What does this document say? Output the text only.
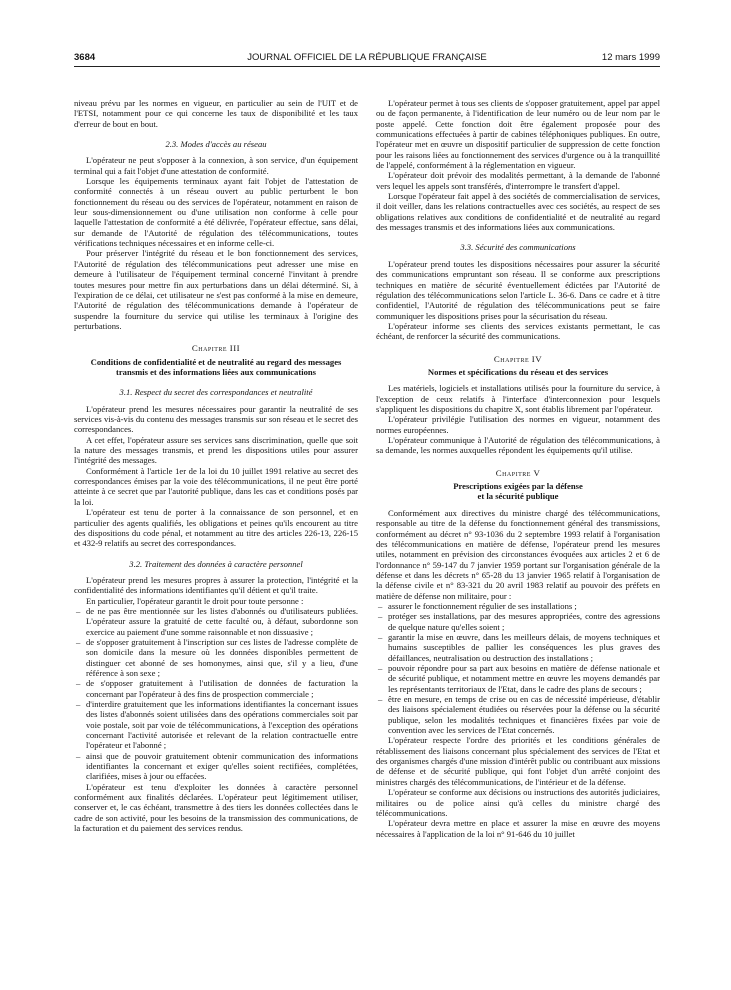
3684	JOURNAL OFFICIEL DE LA RÉPUBLIQUE FRANÇAISE	12 mars 1999

niveau prévu par les normes en vigueur, en particulier au sein de l'UIT et de l'ETSI, notamment pour ce qui concerne les taux de disponibilité et les taux d'erreur de bout en bout.

2.3. Modes d'accès au réseau

L'opérateur ne peut s'opposer à la connexion, à son service, d'un équipement terminal qui a fait l'objet d'une attestation de conformité.

Lorsque les équipements terminaux ayant fait l'objet de l'attestation de conformité connectés à un réseau ouvert au public perturbent le bon fonctionnement du réseau ou des services de l'opérateur, notamment en raison de leur sous-dimensionnement ou d'une utilisation non conforme à celle pour laquelle l'attestation de conformité a été délivrée, l'opérateur effectue, sans délai, sur demande de l'Autorité de régulation des télécommunications, toutes vérifications techniques nécessaires et en informe celle-ci.

Pour préserver l'intégrité du réseau et le bon fonctionnement des services, l'Autorité de régulation des télécommunications peut adresser une mise en demeure à l'utilisateur de l'équipement terminal concerné l'invitant à prendre toutes mesures pour mettre fin aux perturbations dans un délai déterminé. Si, à l'expiration de ce délai, cet utilisateur ne s'est pas conformé à la mise en demeure, l'Autorité de régulation des télécommunications demande à l'opérateur de suspendre la fourniture du service qui utilise les terminaux à l'origine des perturbations.

Chapitre III
Conditions de confidentialité et de neutralité au regard des messages transmis et des informations liées aux communications
3.1. Respect du secret des correspondances et neutralité

L'opérateur prend les mesures nécessaires pour garantir la neutralité de ses services vis-à-vis du contenu des messages transmis sur son réseau et le secret des correspondances.

A cet effet, l'opérateur assure ses services sans discrimination, quelle que soit la nature des messages transmis, et prend les dispositions utiles pour assurer l'intégrité des messages.

Conformément à l'article 1er de la loi du 10 juillet 1991 relative au secret des correspondances émises par la voie des télécommunications, il ne peut être porté atteinte à ce secret que par l'autorité publique, dans les cas et conditions posés par la loi.

L'opérateur est tenu de porter à la connaissance de son personnel, et en particulier des agents qualifiés, les obligations et peines qu'ils encourent au titre des dispositions du code pénal, et notamment au titre des articles 226-13, 226-15 et 432-9 relatifs au secret des correspondances.

3.2. Traitement des données à caractère personnel

L'opérateur prend les mesures propres à assurer la protection, l'intégrité et la confidentialité des informations identifiantes qu'il détient et qu'il traite.

En particulier, l'opérateur garantit le droit pour toute personne :

– de ne pas être mentionnée sur les listes d'abonnés ou d'utilisateurs publiées. L'opérateur assure la gratuité de cette faculté ou, à défaut, subordonne son exercice au paiement d'une somme raisonnable et non dissuasive ;
– de s'opposer gratuitement à l'inscription sur ces listes de l'adresse complète de son domicile dans la mesure où les données disponibles permettent de distinguer cet abonné de ses homonymes, ainsi que, s'il y a lieu, d'une référence à son sexe ;
– de s'opposer gratuitement à l'utilisation de données de facturation la concernant par l'opérateur à des fins de prospection commerciale ;
– d'interdire gratuitement que les informations identifiantes la concernant issues des listes d'abonnés soient utilisées dans des opérations commerciales soit par voie postale, soit par voie de télécommunications, à l'exception des opérations concernant l'activité autorisée et relevant de la relation contractuelle entre l'opérateur et l'abonné ;
– ainsi que de pouvoir gratuitement obtenir communication des informations identifiantes la concernant et exiger qu'elles soient rectifiées, complétées, clarifiées, mises à jour ou effacées.

L'opérateur est tenu d'exploiter les données à caractère personnel conformément aux finalités déclarées. L'opérateur peut légitimement utiliser, conserver et, le cas échéant, transmettre à des tiers les données collectées dans le cadre de son activité, pour les besoins de la transmission des communications, de la facturation et du paiement des services rendus.

L'opérateur permet à tous ses clients de s'opposer gratuitement, appel par appel ou de façon permanente, à l'identification de leur numéro ou de leur nom par le poste appelé. Cette fonction doit être également proposée pour des communications effectuées à partir de cabines téléphoniques publiques. En outre, l'opérateur met en œuvre un dispositif particulier de suppression de cette fonction pour les raisons liées au fonctionnement des services d'urgence ou à la tranquillité de l'appelé, conformément à la réglementation en vigueur.

L'opérateur doit prévoir des modalités permettant, à la demande de l'abonné vers lequel les appels sont transférés, d'interrompre le transfert d'appel.

Lorsque l'opérateur fait appel à des sociétés de commercialisation de services, il doit veiller, dans les relations contractuelles avec ces sociétés, au respect de ses obligations relatives aux conditions de confidentialité et de neutralité au regard des messages transmis et des informations liées aux communications.

3.3. Sécurité des communications

L'opérateur prend toutes les dispositions nécessaires pour assurer la sécurité des communications empruntant son réseau. Il se conforme aux prescriptions techniques en matière de sécurité éventuellement édictées par l'Autorité de régulation des télécommunications selon l'article L. 36-6. Dans ce cadre et à titre confidentiel, l'Autorité de régulation des télécommunications peut se faire communiquer les dispositions prises pour la sécurisation du réseau.

L'opérateur informe ses clients des services existants permettant, le cas échéant, de renforcer la sécurité des communications.

Chapitre IV
Normes et spécifications du réseau et des services

Les matériels, logiciels et installations utilisés pour la fourniture du service, à l'exception de ceux relatifs à l'interface d'interconnexion pour lesquels s'appliquent les dispositions du chapitre X, sont établis librement par l'opérateur.

L'opérateur privilégie l'utilisation des normes en vigueur, notamment des normes européennes.

L'opérateur communique à l'Autorité de régulation des télécommunications, à sa demande, les normes auxquelles répondent les équipements qu'il utilise.

Chapitre V
Prescriptions exigées par la défense
et la sécurité publique

Conformément aux directives du ministre chargé des télécommunications, responsable au titre de la défense du fonctionnement général des transmissions, conformément au décret n° 93-1036 du 2 septembre 1993 relatif à l'organisation des télécommunications en matière de défense, l'opérateur prend les mesures utiles, notamment en prévision des circonstances évoquées aux articles 2 et 6 de l'ordonnance n° 59-147 du 7 janvier 1959 portant sur l'organisation générale de la défense et dans les décrets n° 65-28 du 13 janvier 1965 relatif à l'organisation de la défense civile et n° 83-321 du 20 avril 1983 relatif au pouvoir des préfets en matière de défense non militaire, pour :

– assurer le fonctionnement régulier de ses installations ;
– protéger ses installations, par des mesures appropriées, contre des agressions de quelque nature qu'elles soient ;
– garantir la mise en œuvre, dans les meilleurs délais, de moyens techniques et humains susceptibles de pallier les conséquences les plus graves des défaillances, neutralisation ou destruction des installations ;
– pouvoir répondre pour sa part aux besoins en matière de défense nationale et de sécurité publique, et notamment mettre en œuvre les moyens demandés par les représentants territoriaux de l'Etat, dans le cadre des plans de secours ;
– être en mesure, en temps de crise ou en cas de nécessité impérieuse, d'établir des liaisons spécialement étudiées ou réservées pour la défense ou la sécurité publique, selon les modalités techniques et financières fixées par voie de convention avec les services de l'Etat concernés.

L'opérateur respecte l'ordre des priorités et les conditions générales de rétablissement des liaisons concernant plus spécialement des services de l'Etat et des organismes chargés d'une mission d'intérêt public ou contribuant aux missions de défense et de sécurité publique, qui font l'objet d'un arrêté conjoint des ministres chargés des télécommunications, de l'intérieur et de la défense.

L'opérateur se conforme aux décisions ou instructions des autorités judiciaires, militaires ou de police ainsi qu'à celles du ministre chargé des télécommunications.

L'opérateur devra mettre en place et assurer la mise en œuvre des moyens nécessaires à l'application de la loi n° 91-646 du 10 juillet
